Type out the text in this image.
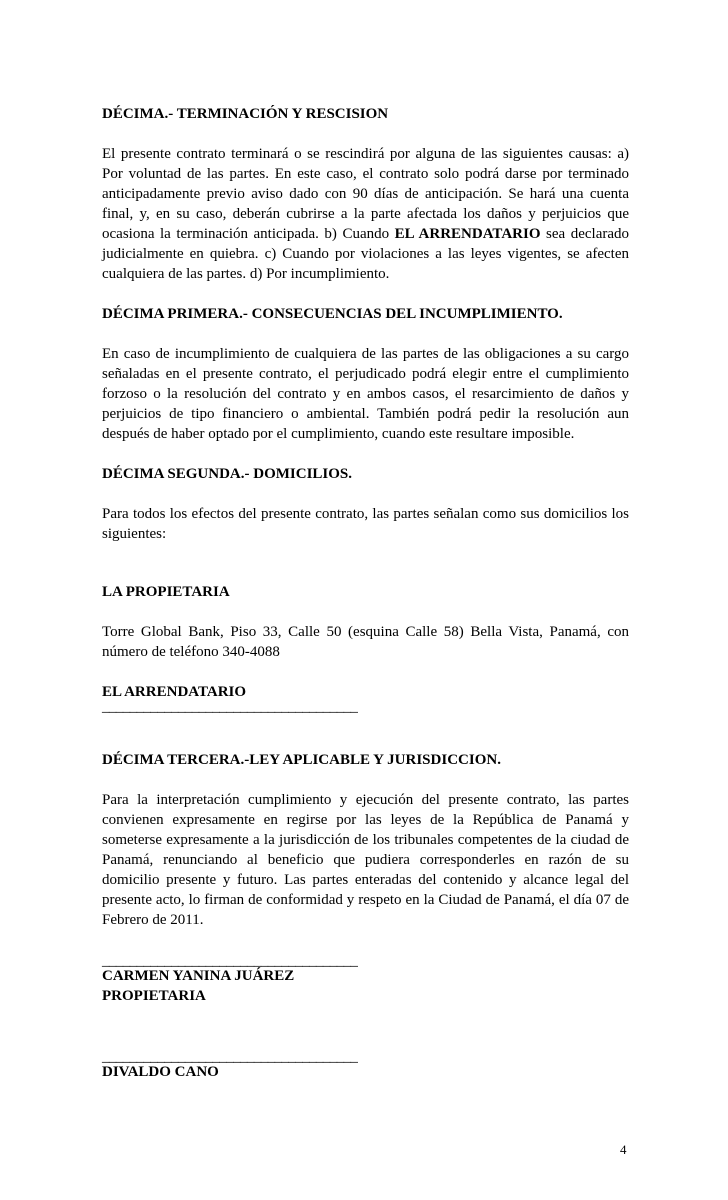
DÉCIMA.- TERMINACIÓN Y RESCISION

El presente contrato terminará o se rescindirá por alguna de las siguientes causas: a) Por voluntad de las partes. En este caso, el contrato solo podrá darse por terminado anticipadamente previo aviso dado con 90 días de anticipación. Se hará una cuenta final, y, en su caso, deberán cubrirse a la parte afectada los daños y perjuicios que ocasiona la terminación anticipada. b) Cuando EL ARRENDATARIO sea declarado judicialmente en quiebra. c) Cuando por violaciones a las leyes vigentes, se afecten cualquiera de las partes. d) Por incumplimiento.

DÉCIMA PRIMERA.- CONSECUENCIAS DEL INCUMPLIMIENTO.

En caso de incumplimiento de cualquiera de las partes de las obligaciones a su cargo señaladas en el presente contrato, el perjudicado podrá elegir entre el cumplimiento forzoso o la resolución del contrato y en ambos casos, el resarcimiento de daños y perjuicios de tipo financiero o ambiental. También podrá pedir la resolución aun después de haber optado por el cumplimiento, cuando este resultare imposible.

DÉCIMA SEGUNDA.- DOMICILIOS.

Para todos los efectos del presente contrato, las partes señalan como sus domicilios los siguientes:

LA PROPIETARIA

Torre Global Bank, Piso 33, Calle 50 (esquina Calle 58) Bella Vista, Panamá, con número de teléfono 340-4088

EL ARRENDATARIO

_____________________________________

DÉCIMA TERCERA.-LEY APLICABLE Y JURISDICCION.

Para la interpretación cumplimiento y ejecución del presente contrato, las partes convienen expresamente en regirse por las leyes de la República de Panamá y someterse expresamente a la jurisdicción de los tribunales competentes de la ciudad de Panamá, renunciando al beneficio que pudiera corresponderles en razón de su domicilio presente y futuro. Las partes enteradas del contenido y alcance legal del presente acto, lo firman de conformidad y respeto en la Ciudad de Panamá, el día 07 de Febrero de 2011.

_____________________________________

CARMEN YANINA JUÁREZ

PROPIETARIA

_____________________________________

DIVALDO CANO

4
